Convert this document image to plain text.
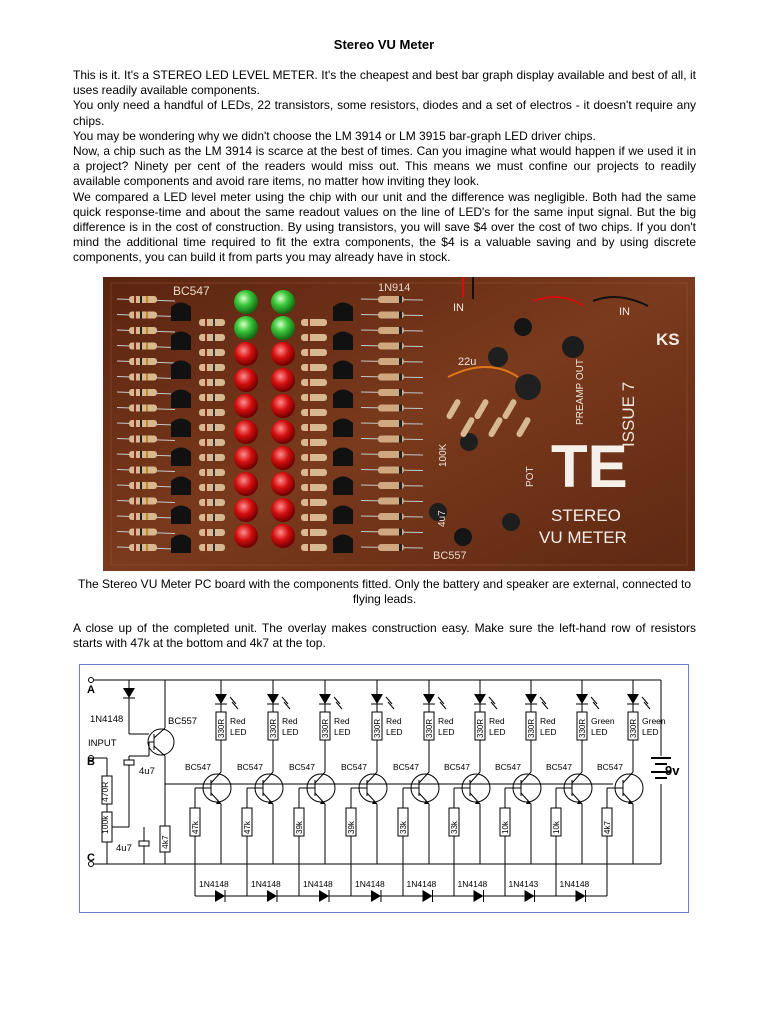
Stereo VU Meter

This is it. It's a STEREO LED LEVEL METER. It's the cheapest and best bar graph display available and best of all, it uses readily available components.

You only need a handful of LEDs, 22 transistors, some resistors, diodes and a set of electros - it doesn't require any chips.

You may be wondering why we didn't choose the LM 3914 or LM 3915 bar-graph LED driver chips.

Now, a chip such as the LM 3914 is scarce at the best of times. Can you imagine what would happen if we used it in a project? Ninety per cent of the readers would miss out. This means we must confine our projects to readily available components and avoid rare items, no matter how inviting they look.

We compared a LED level meter using the chip with our unit and the difference was negligible. Both had the same quick response-time and about the same readout values on the line of LED's for the same input signal. But the big difference is in the cost of construction. By using transistors, you will save $4 over the cost of two chips. If you don't mind the additional time required to fit the extra components, the $4 is a valuable saving and by using discrete components, you can build it from parts you may already have in stock.

BC547	1N914
IN	IN
KS
ISSUE 7
PREAMP OUT
100K
POT
4u7
22u
TE
STEREO
VU METER
BC557
The Stereo VU Meter PC board with the components fitted. Only the battery and speaker are external, connected to flying leads.
A close up of the completed unit. The overlay makes construction easy. Make sure the left-hand row of resistors starts with 47k at the bottom and 4k7 at the top.
Red
LED
330R
BC547
47k
1N4148
Red
LED
330R
BC547
47k
1N4148
Red
LED
330R
BC547
39k
1N4148
Red
LED
330R
BC547
39k
1N4148
Red
LED
330R
BC547
33k
1N4148
Red
LED
330R
BC547
33k
1N4148
Red
LED
330R
BC547
10k
1N4143
Green
LED
330R
BC547
10k
1N4148
Green
LED
330R
BC547
4k7
A
B
C
INPUT
1N4148	BC557
4u7
4u7
470R
100k
4k7
9v
